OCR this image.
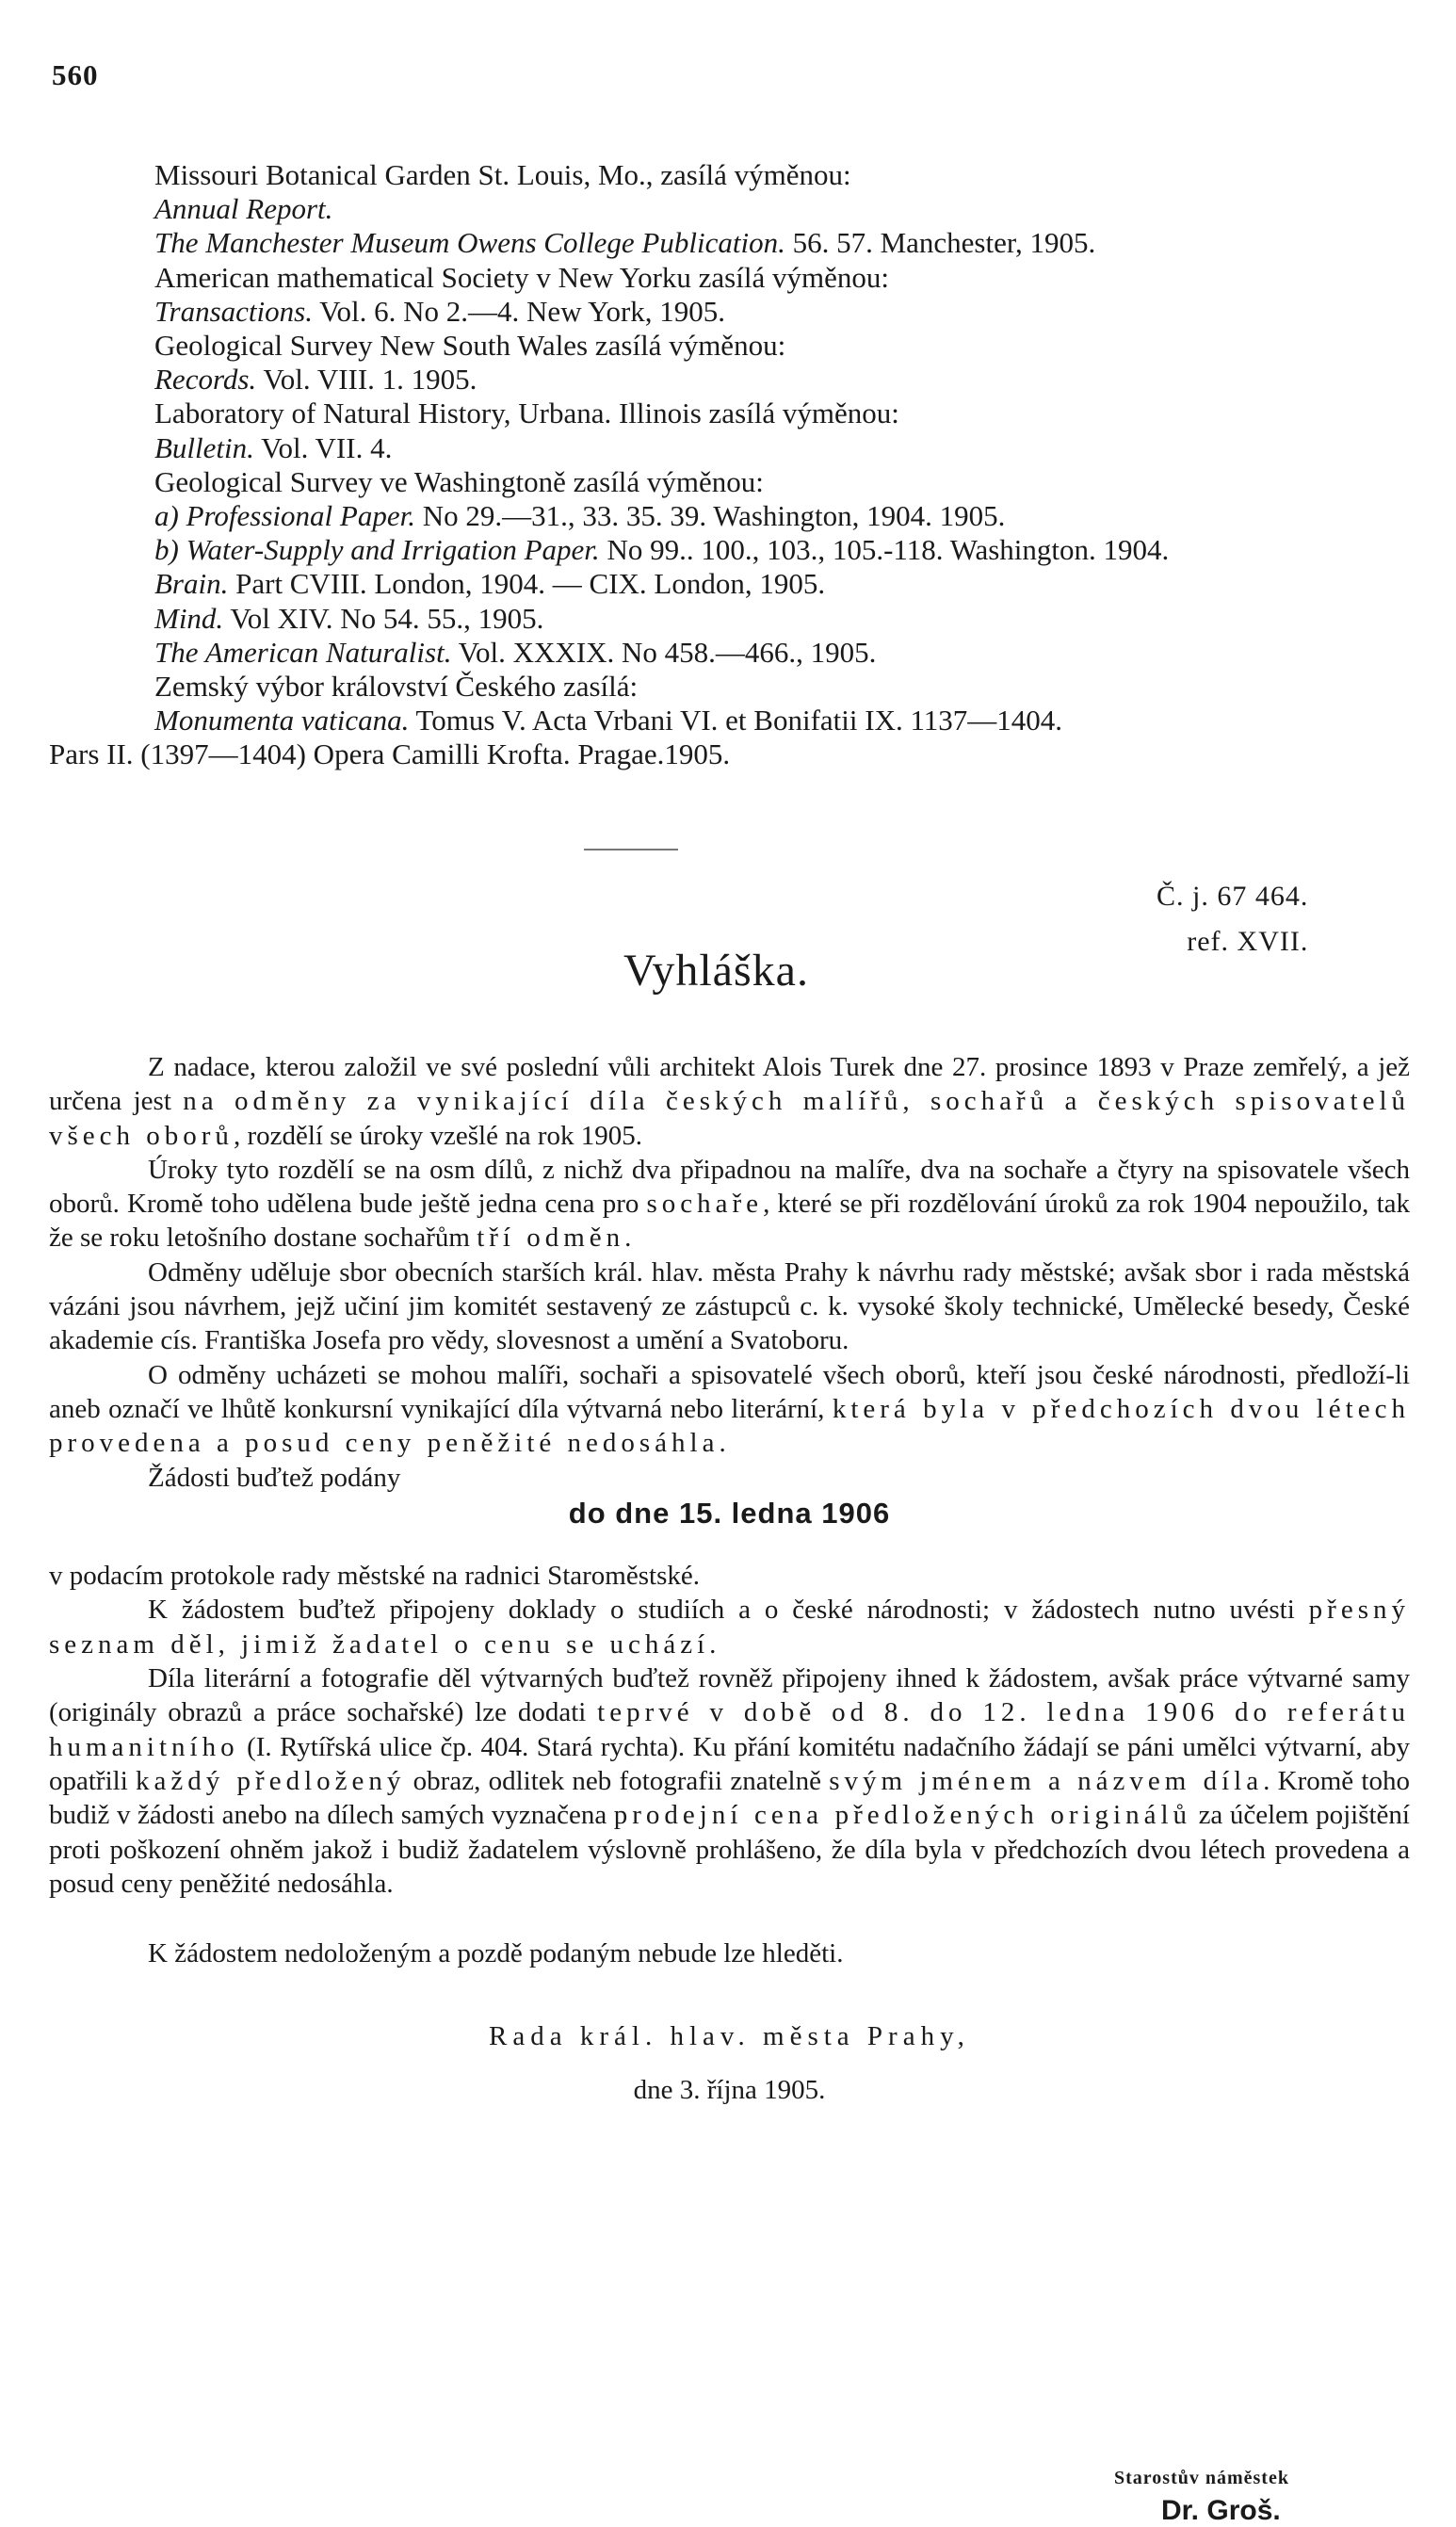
560
Missouri Botanical Garden St. Louis, Mo., zasílá výměnou:
Annual Report.
The Manchester Museum Owens College Publication. 56. 57. Manchester, 1905.
American mathematical Society v New Yorku zasílá výměnou:
Transactions. Vol. 6. No 2.—4. New York, 1905.
Geological Survey New South Wales zasílá výměnou:
Records. Vol. VIII. 1. 1905.
Laboratory of Natural History, Urbana. Illinois zasílá výměnou:
Bulletin. Vol. VII. 4.
Geological Survey ve Washingtoně zasílá výměnou:
a) Professional Paper. No 29.—31., 33. 35. 39. Washington, 1904. 1905.
b) Water-Supply and Irrigation Paper. No 99.. 100., 103., 105.-118. Washington. 1904.
Brain. Part CVIII. London, 1904. — CIX. London, 1905.
Mind. Vol XIV. No 54. 55., 1905.
The American Naturalist. Vol. XXXIX. No 458.—466., 1905.
Zemský výbor království Českého zasílá:
Monumenta vaticana. Tomus V. Acta Vrbani VI. et Bonifatii IX. 1137—1404.
Pars II. (1397—1404) Opera Camilli Krofta. Pragae.1905.
Č. j. 67 464.
ref. XVII.
Vyhláška.

Z nadace, kterou založil ve své poslední vůli architekt Alois Turek dne 27. prosince 1893 v Praze zemřelý, a jež určena jest na odměny za vynikající díla českých malířů, sochařů a českých spisovatelů všech oborů, rozdělí se úroky vzešlé na rok 1905.

Úroky tyto rozdělí se na osm dílů, z nichž dva připadnou na malíře, dva na sochaře a čtyry na spisovatele všech oborů. Kromě toho udělena bude ještě jedna cena pro sochaře, které se při rozdělování úroků za rok 1904 nepoužilo, tak že se roku letošního dostane sochařům tří odměn.

Odměny uděluje sbor obecních starších král. hlav. města Prahy k návrhu rady městské; avšak sbor i rada městská vázáni jsou návrhem, jejž učiní jim komitét sestavený ze zástupců c. k. vysoké školy technické, Umělecké besedy, České akademie cís. Františka Josefa pro vědy, slovesnost a umění a Svatoboru.

O odměny ucházeti se mohou malíři, sochaři a spisovatelé všech oborů, kteří jsou české národnosti, předloží-li aneb označí ve lhůtě konkursní vynikající díla výtvarná nebo literární, která byla v předchozích dvou létech provedena a posud ceny peněžité nedosáhla.

Žádosti buďtež podány

do dne 15. ledna 1906

v podacím protokole rady městské na radnici Staroměstské.

K žádostem buďtež připojeny doklady o studiích a o české národnosti; v žádostech nutno uvésti přesný seznam děl, jimiž žadatel o cenu se uchází.

Díla literární a fotografie děl výtvarných buďtež rovněž připojeny ihned k žádostem, avšak práce výtvarné samy (originály obrazů a práce sochařské) lze dodati teprvé v době od 8. do 12. ledna 1906 do referátu humanitního (I. Rytířská ulice čp. 404. Stará rychta). Ku přání komitétu nadačního žádají se páni umělci výtvarní, aby opatřili každý předložený obraz, odlitek neb fotografii znatelně svým jménem a názvem díla. Kromě toho budiž v žádosti anebo na dílech samých vyznačena prodejní cena předložených originálů za účelem pojištění proti poškození ohněm jakož i budiž žadatelem výslovně prohlášeno, že díla byla v předchozích dvou létech provedena a posud ceny peněžité nedosáhla.

K žádostem nedoloženým a pozdě podaným nebude lze hleděti.

Rada král. hlav. města Prahy,
dne 3. října 1905.
Starostův náměstek
Dr. Groš.
